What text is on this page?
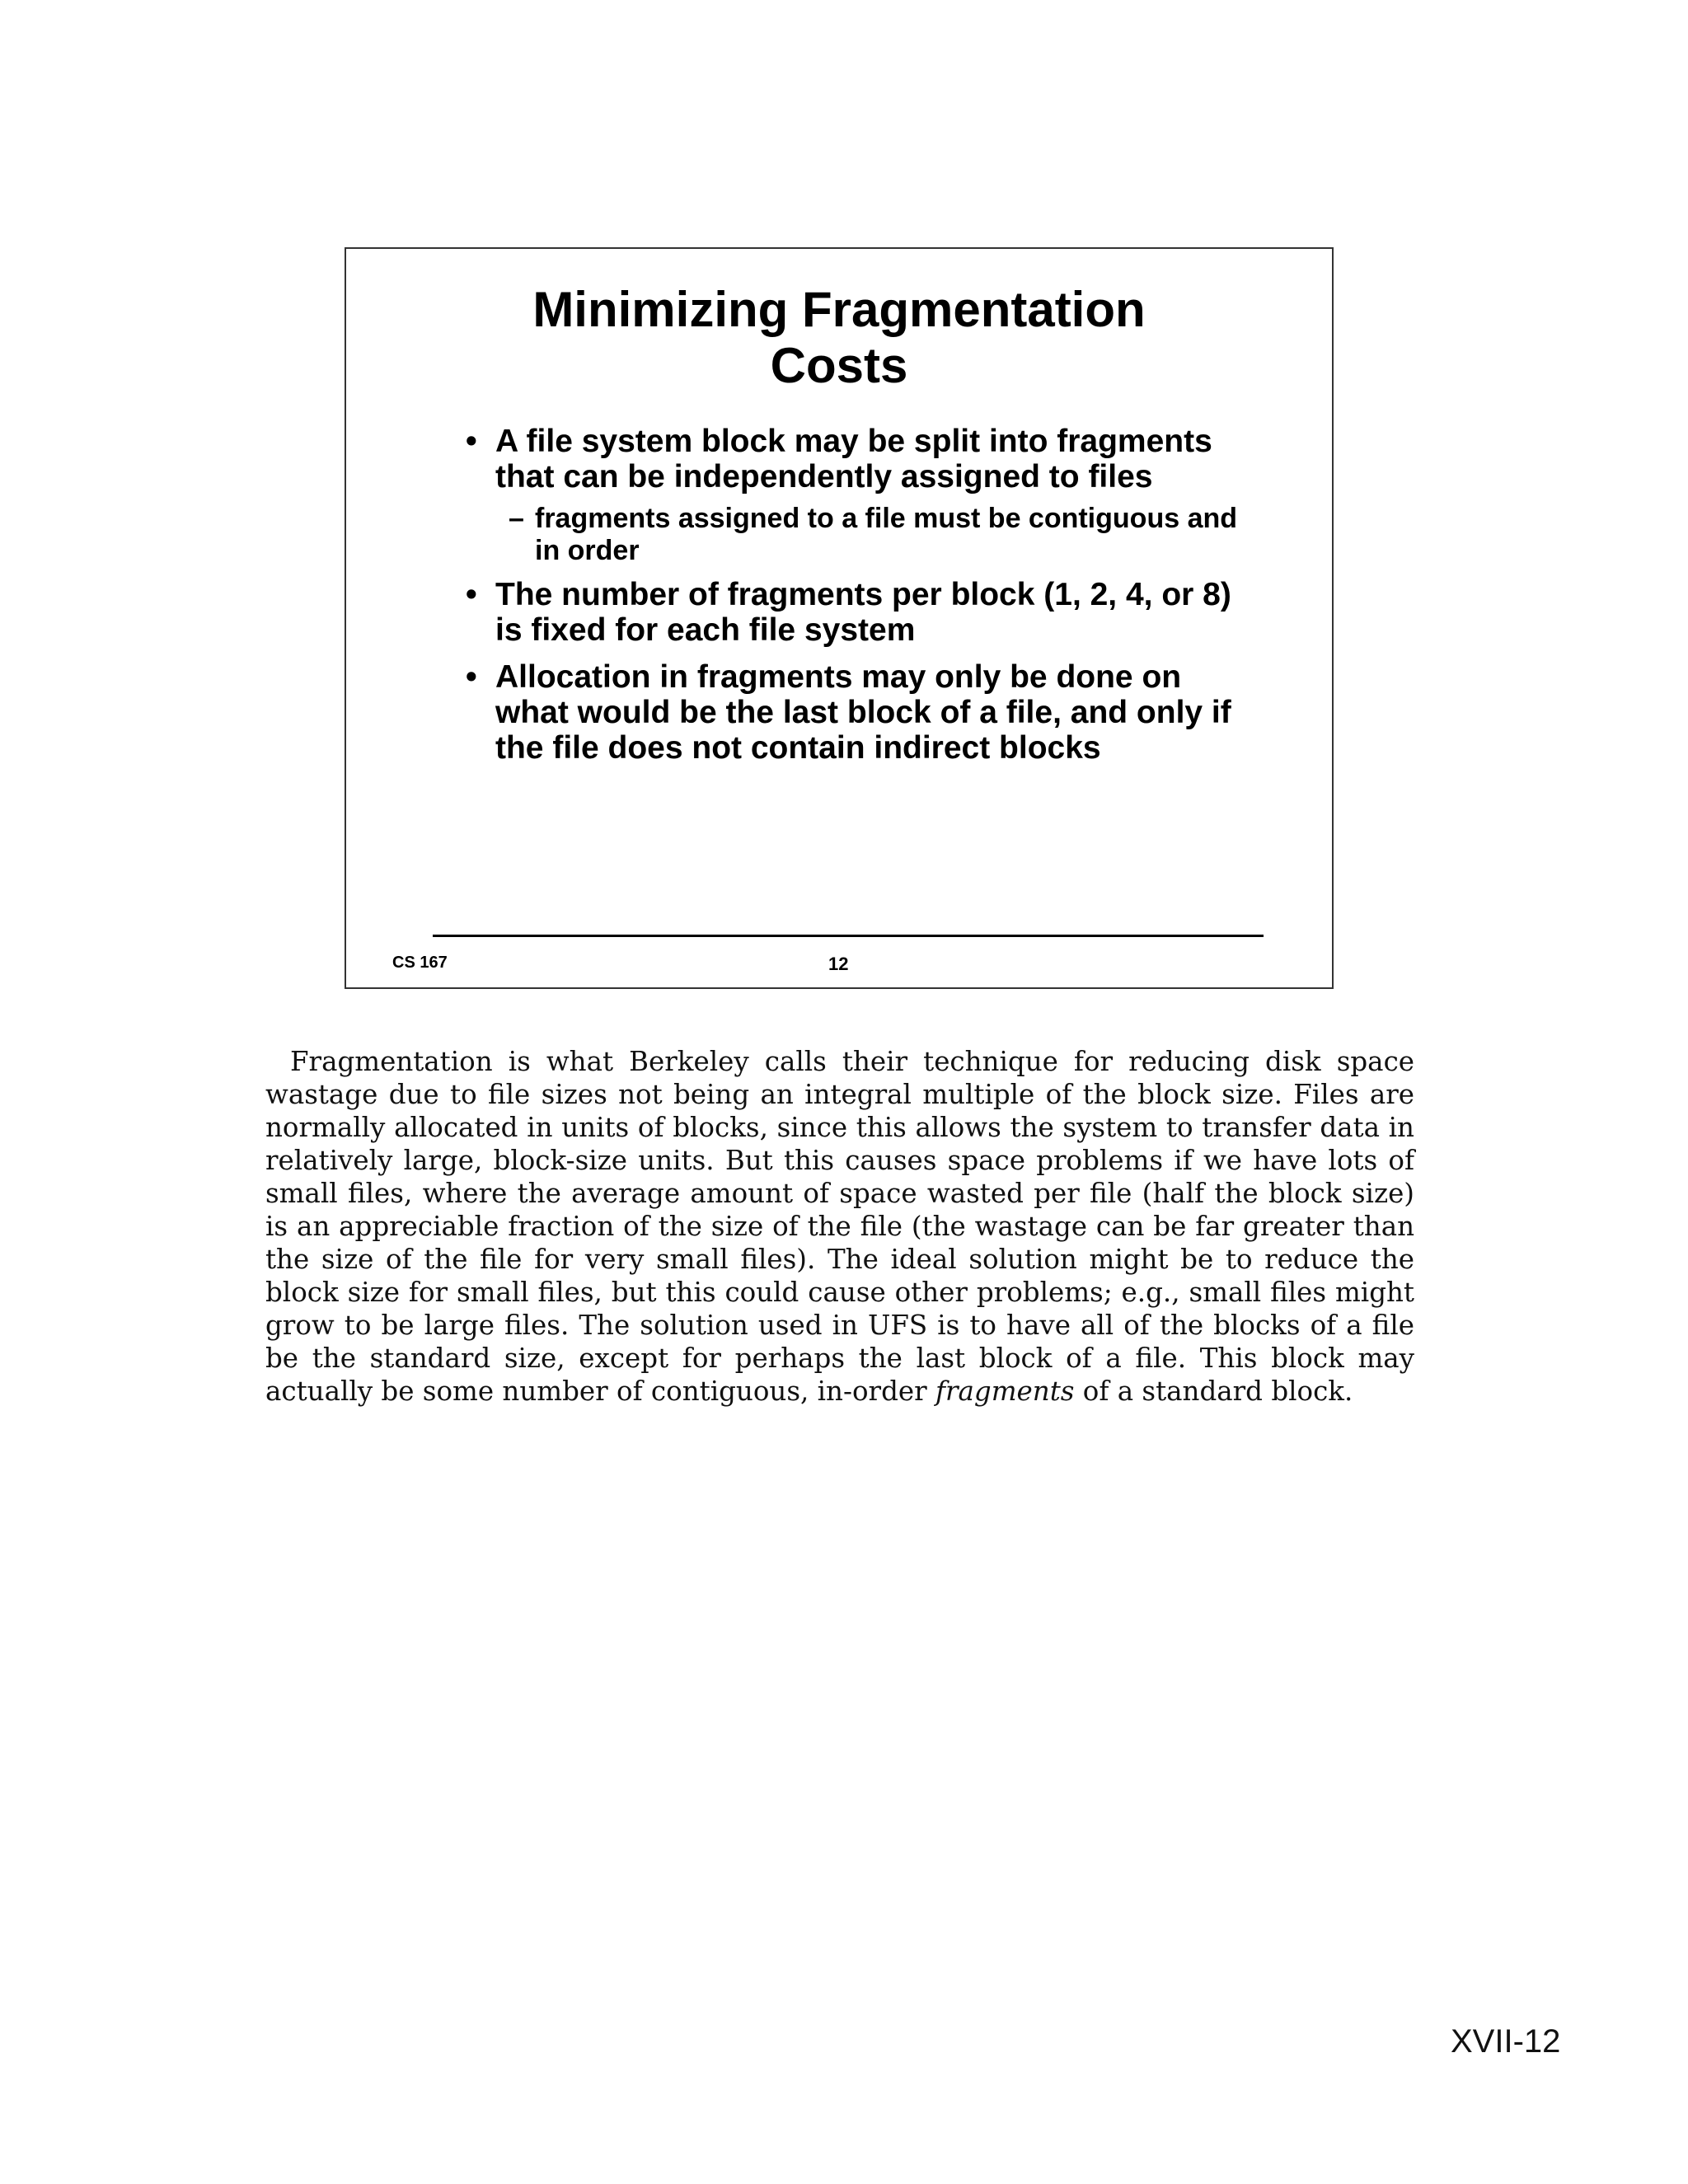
Minimizing Fragmentation
Costs
• A file system block may be split into fragments that can be independently assigned to files
– fragments assigned to a file must be contiguous and in order
• The number of fragments per block (1, 2, 4, or 8) is fixed for each file system
• Allocation in fragments may only be done on what would be the last block of a file, and only if the file does not contain indirect blocks
CS 167	12

Fragmentation is what Berkeley calls their technique for reducing disk space wastage due to file sizes not being an integral multiple of the block size. Files are normally allocated in units of blocks, since this allows the system to transfer data in relatively large, block-size units. But this causes space problems if we have lots of small files, where the average amount of space wasted per file (half the block size) is an appreciable fraction of the size of the file (the wastage can be far greater than the size of the file for very small files). The ideal solution might be to reduce the block size for small files, but this could cause other problems; e.g., small files might grow to be large files. The solution used in UFS is to have all of the blocks of a file be the standard size, except for perhaps the last block of a file. This block may actually be some number of contiguous, in-order fragments of a standard block.

XVII-12
